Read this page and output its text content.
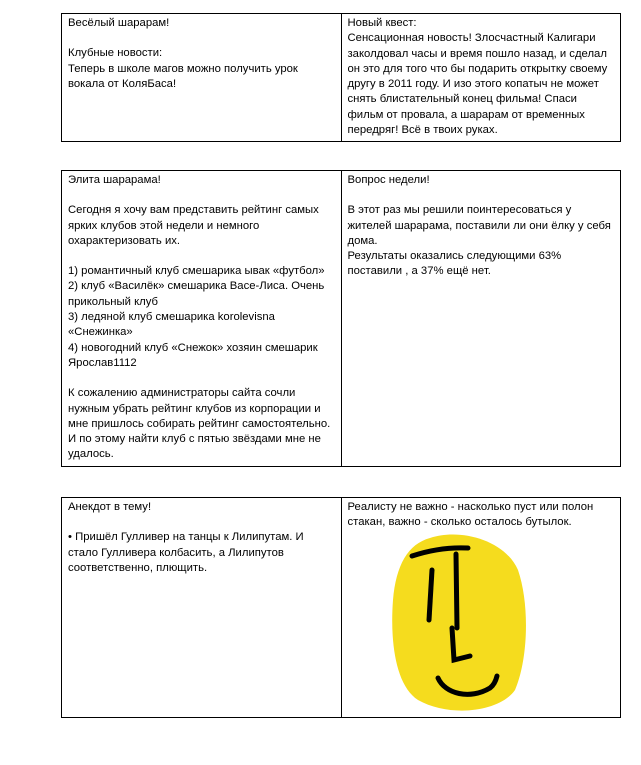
Весёлый шарарам!
Клубные новости:
Теперь в школе магов можно получить урок вокала от КоляБаса!

Новый квест:
Сенсационная новость! Злосчастный Калигари заколдовал часы и время пошло назад, и сделал он это для того что бы подарить открытку своему другу в 2011 году. И изо этого копатыч не может снять блистательный конец фильма! Спаси фильм от провала, а шарарам от временных передряг! Всё в твоих руках.
Элита шарарама!
Сегодня я хочу вам представить рейтинг самых ярких клубов этой недели и немного охарактеризовать их.
1) романтичный клуб смешарика ывак «футбол»
2) клуб «Василёк» смешарика Васе-Лиса. Очень прикольный клуб
3) ледяной клуб смешарика korolevisna «Снежинка»
4) новогодний клуб «Снежок» хозяин смешарик Ярослав1112
К сожалению администраторы сайта сочли нужным убрать рейтинг клубов из корпорации и мне пришлось собирать рейтинг самостоятельно. И по этому найти клуб с пятью звёздами мне не удалось.

Вопрос недели!
В этот раз мы решили поинтересоваться у жителей шарарама, поставили ли они ёлку у себя дома.
Результаты оказались следующими 63% поставили , а 37% ещё нет.
Анекдот в тему!
• Пришёл Гулливер на танцы к Лилипутам. И стало Гулливера колбасить, а Лилипутов соответственно, плющить.

Реалисту не важно - насколько пуст или полон стакан, важно - сколько осталось бутылок.
